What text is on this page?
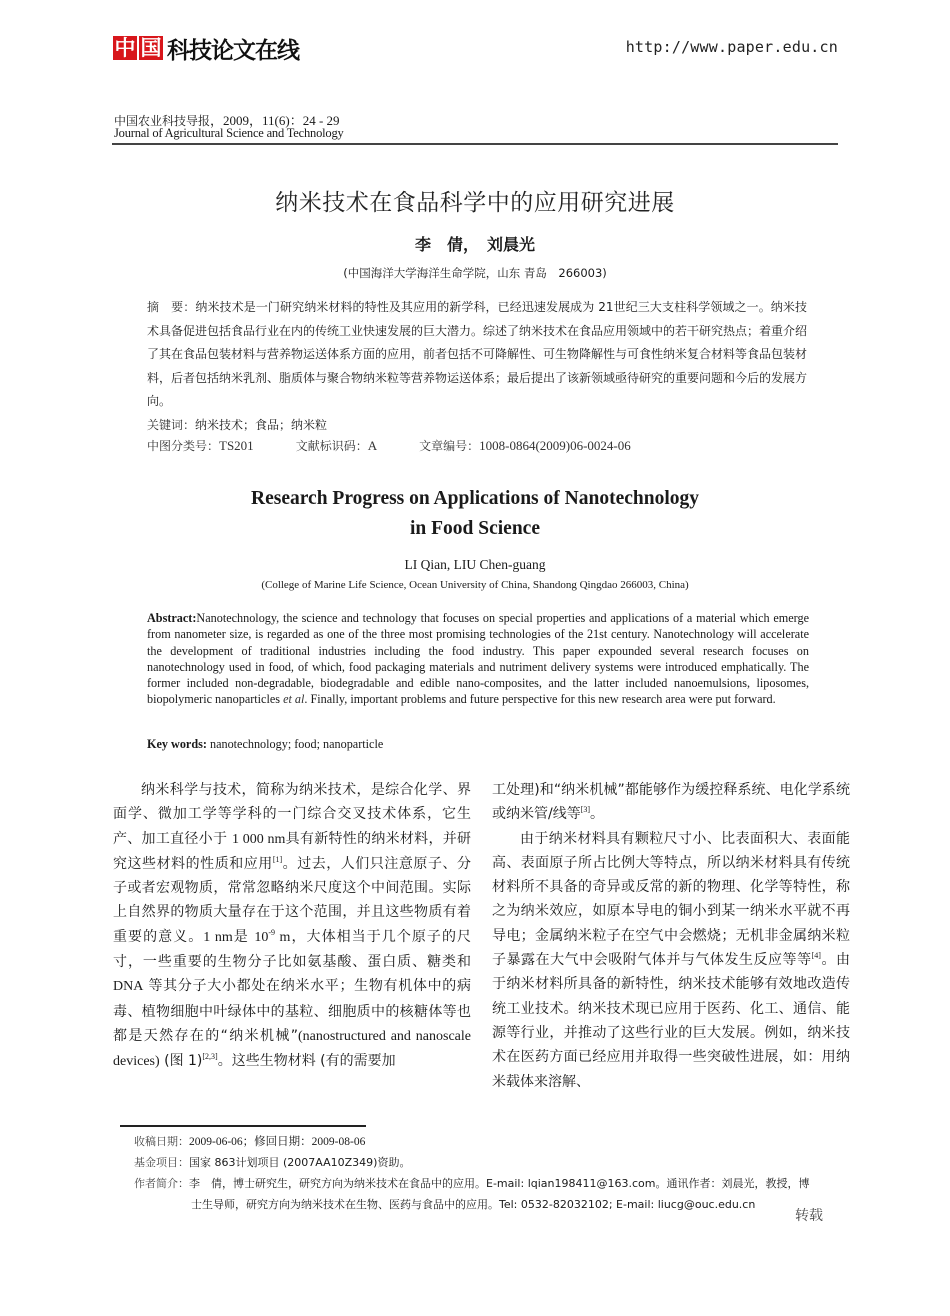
中 国 科技论文在线	http://www.paper.edu.cn
中国农业科技导报，2009，11(6)：24 - 29
Journal of Agricultural Science and Technology
纳米技术在食品科学中的应用研究进展
李　倩，　刘晨光
(中国海洋大学海洋生命学院，山东 青岛　266003)
摘　要：纳米技术是一门研究纳米材料的特性及其应用的新学科，已经迅速发展成为 21世纪三大支柱科学领域之一。纳米技术具备促进包括食品行业在内的传统工业快速发展的巨大潜力。综述了纳米技术在食品应用领域中的若干研究热点；着重介绍了其在食品包装材料与营养物运送体系方面的应用，前者包括不可降解性、可生物降解性与可食性纳米复合材料等食品包装材料，后者包括纳米乳剂、脂质体与聚合物纳米粒等营养物运送体系；最后提出了该新领域亟待研究的重要问题和今后的发展方向。
关键词：纳米技术；食品；纳米粒
中图分类号：TS201	文献标识码：A	文章编号：1008-0864(2009)06-0024-06
Research Progress on Applications of Nanotechnology
in Food Science
LI Qian, LIU Chen-guang
(College of Marine Life Science, Ocean University of China, Shandong Qingdao 266003, China)
Abstract:Nanotechnology, the science and technology that focuses on special properties and applications of a material which emerge from nanometer size, is regarded as one of the three most promising technologies of the 21st century. Nanotechnology will accelerate the development of traditional industries including the food industry. This paper expounded several research focuses on nanotechnology used in food, of which, food packaging materials and nutriment delivery systems were introduced emphatically. The former included non-degradable, biodegradable and edible nano-composites, and the latter included nanoemulsions, liposomes, biopolymeric nanoparticles et al. Finally, important problems and future perspective for this new research area were put forward.
Key words: nanotechnology; food; nanoparticle

纳米科学与技术，简称为纳米技术，是综合化学、界面学、微加工学等学科的一门综合交叉技术体系，它生产、加工直径小于 1 000 nm具有新特性的纳米材料，并研究这些材料的性质和应用[1]。过去，人们只注意原子、分子或者宏观物质，常常忽略纳米尺度这个中间范围。实际上自然界的物质大量存在于这个范围，并且这些物质有着重要的意义。1 nm是 $10^{-9}$ m，大体相当于几个原子的尺寸，一些重要的生物分子比如氨基酸、蛋白质、糖类和 DNA 等其分子大小都处在纳米水平；生物有机体中的病毒、植物细胞中叶绿体中的基粒、细胞质中的核糖体等也都是天然存在的“纳米机械”(nanostructured and nanoscale devices) (图 1)[2,3]。这些生物材料 (有的需要加

工处理)和“纳米机械”都能够作为缓控释系统、电化学系统或纳米管/线等[3]。

由于纳米材料具有颗粒尺寸小、比表面积大、表面能高、表面原子所占比例大等特点，所以纳米材料具有传统材料所不具备的奇异或反常的新的物理、化学等特性，称之为纳米效应，如原本导电的铜小到某一纳米水平就不再导电；金属纳米粒子在空气中会燃烧；无机非金属纳米粒子暴露在大气中会吸附气体并与气体发生反应等等[4]。由于纳米材料所具备的新特性，纳米技术能够有效地改造传统工业技术。纳米技术现已应用于医药、化工、通信、能源等行业，并推动了这些行业的巨大发展。例如，纳米技术在医药方面已经应用并取得一些突破性进展，如：用纳米载体来溶解、

收稿日期：2009-06-06；修回日期：2009-08-06
基金项目：国家 863计划项目 (2007AA10Z349)资助。
作者简介：李　倩，博士研究生，研究方向为纳米技术在食品中的应用。E-mail: lqian198411@163.com。通讯作者：刘晨光，教授，博
士生导师，研究方向为纳米技术在生物、医药与食品中的应用。Tel: 0532-82032102; E-mail: liucg@ouc.edu.cn
转载
